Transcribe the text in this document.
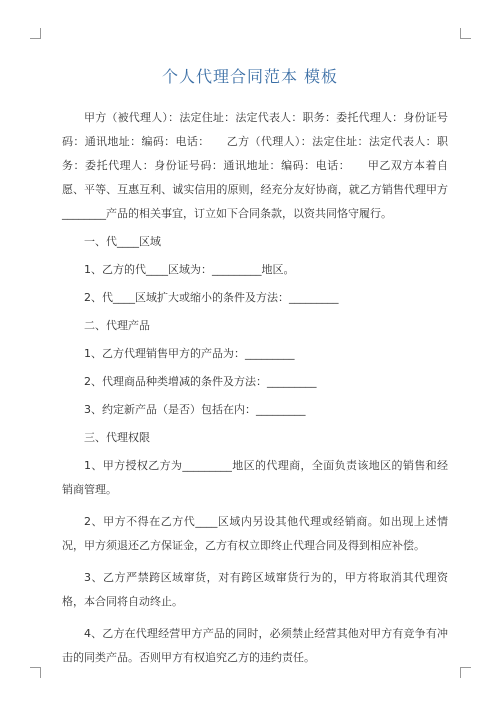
个人代理合同范本 模板

甲方（被代理人）：法定住址：法定代表人：职务：委托代理人：身份证号码：通讯地址：编码：电话：　　乙方（代理人）：法定住址：法定代表人：职务：委托代理人：身份证号码：通讯地址：编码：电话：　　甲乙双方本着自愿、平等、互惠互利、诚实信用的原则，经充分友好协商，就乙方销售代理甲方________产品的相关事宜，订立如下合同条款，以资共同恪守履行。

一、代____区域

1、乙方的代____区域为：_________地区。

2、代____区域扩大或缩小的条件及方法：_________

二、代理产品

1、乙方代理销售甲方的产品为：_________

2、代理商品种类增减的条件及方法：_________

3、约定新产品（是否）包括在内：_________

三、代理权限

1、甲方授权乙方为_________地区的代理商，全面负责该地区的销售和经销商管理。

2、甲方不得在乙方代____区域内另设其他代理或经销商。如出现上述情况，甲方须退还乙方保证金，乙方有权立即终止代理合同及得到相应补偿。

3、乙方严禁跨区域窜货，对有跨区域窜货行为的，甲方将取消其代理资格，本合同将自动终止。

4、乙方在代理经营甲方产品的同时，必须禁止经营其他对甲方有竞争有冲击的同类产品。否则甲方有权追究乙方的违约责任。
